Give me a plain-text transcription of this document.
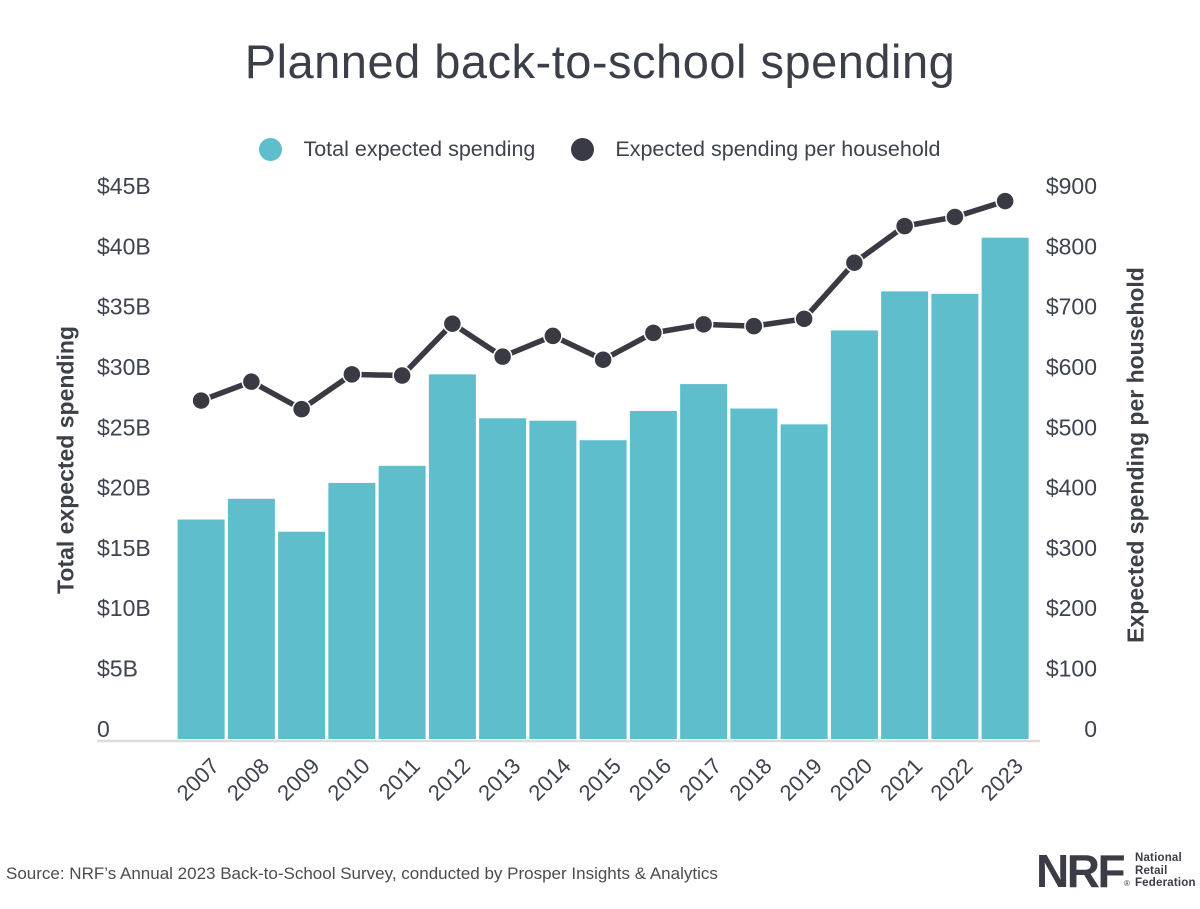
Planned back-to-school spending
Total expected spending	Expected spending per household
Total expected spending	Expected spending per household
$45B
$40B
$35B
$30B
$25B
$20B
$15B
$10B
$5B
0
$900
$800
$700
$600
$500
$400
$300
$200
$100
0
2007
2008
2009
2010 2011
2012
2013
2014
2015
2016
2017
2018
2019
2020
2021
2022
2023
Source: NRF’s Annual 2023 Back-to-School Survey, conducted by Prosper Insights & Analytics	NRF ®
National
Retail
Federation
